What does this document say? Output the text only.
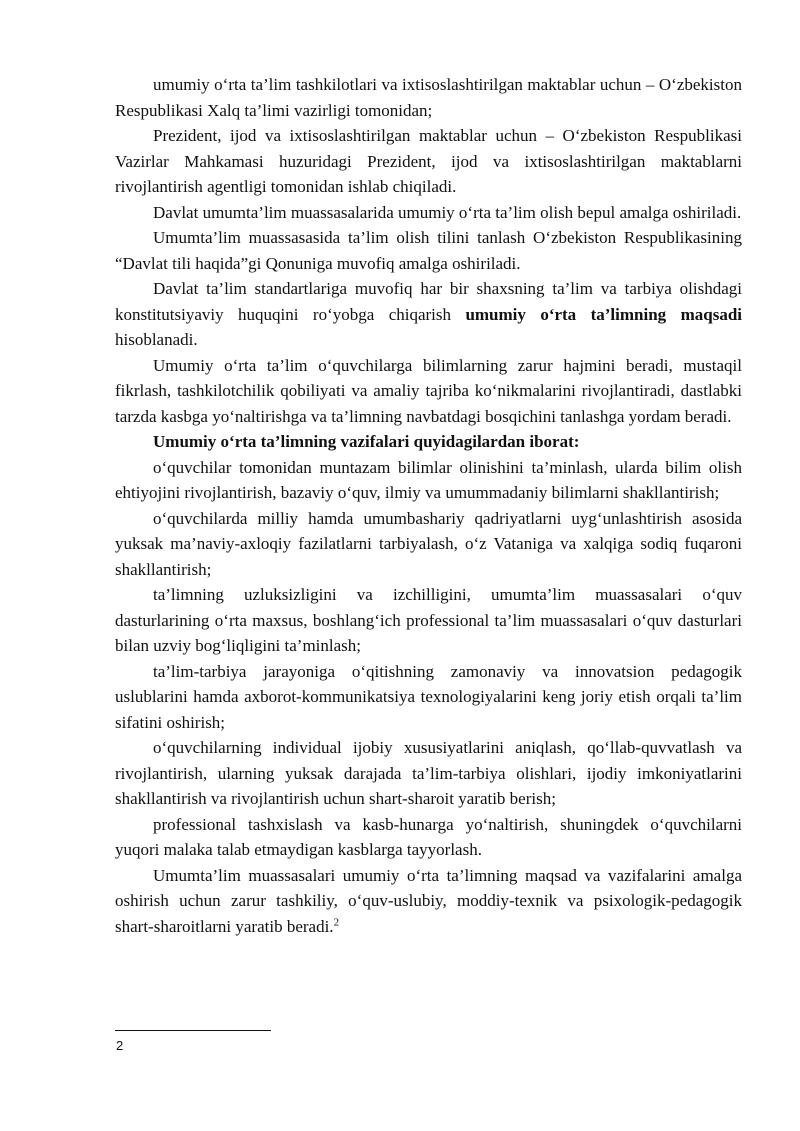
umumiy o‘rta ta’lim tashkilotlari va ixtisoslashtirilgan maktablar uchun – O‘zbekiston Respublikasi Xalq ta’limi vazirligi tomonidan;

Prezident, ijod va ixtisoslashtirilgan maktablar uchun – O‘zbekiston Respublikasi Vazirlar Mahkamasi huzuridagi Prezident, ijod va ixtisoslashtirilgan maktablarni rivojlantirish agentligi tomonidan ishlab chiqiladi.

Davlat umumta’lim muassasalarida umumiy o‘rta ta’lim olish bepul amalga oshiriladi.

Umumta’lim muassasasida ta’lim olish tilini tanlash O‘zbekiston Respublikasining “Davlat tili haqida”gi Qonuniga muvofiq amalga oshiriladi.

Davlat ta’lim standartlariga muvofiq har bir shaxsning ta’lim va tarbiya olishdagi konstitutsiyaviy huquqini ro‘yobga chiqarish umumiy o‘rta ta’limning maqsadi hisoblanadi.

Umumiy o‘rta ta’lim o‘quvchilarga bilimlarning zarur hajmini beradi, mustaqil fikrlash, tashkilotchilik qobiliyati va amaliy tajriba ko‘nikmalarini rivojlantiradi, dastlabki tarzda kasbga yo‘naltirishga va ta’limning navbatdagi bosqichini tanlashga yordam beradi.

Umumiy o‘rta ta’limning vazifalari quyidagilardan iborat:

o‘quvchilar tomonidan muntazam bilimlar olinishini ta’minlash, ularda bilim olish ehtiyojini rivojlantirish, bazaviy o‘quv, ilmiy va umummadaniy bilimlarni shakllantirish;

o‘quvchilarda milliy hamda umumbashariy qadriyatlarni uyg‘unlashtirish asosida yuksak ma’naviy-axloqiy fazilatlarni tarbiyalash, o‘z Vataniga va xalqiga sodiq fuqaroni shakllantirish;

ta’limning uzluksizligini va izchilligini, umumta’lim muassasalari o‘quv dasturlarining o‘rta maxsus, boshlang‘ich professional ta’lim muassasalari o‘quv dasturlari bilan uzviy bog‘liqligini ta’minlash;

ta’lim-tarbiya jarayoniga o‘qitishning zamonaviy va innovatsion pedagogik uslublarini hamda axborot-kommunikatsiya texnologiyalarini keng joriy etish orqali ta’lim sifatini oshirish;

o‘quvchilarning individual ijobiy xususiyatlarini aniqlash, qo‘llab-quvvatlash va rivojlantirish, ularning yuksak darajada ta’lim-tarbiya olishlari, ijodiy imkoniyatlarini shakllantirish va rivojlantirish uchun shart-sharoit yaratib berish;

professional tashxislash va kasb-hunarga yo‘naltirish, shuningdek o‘quvchilarni yuqori malaka talab etmaydigan kasblarga tayyorlash.

Umumta’lim muassasalari umumiy o‘rta ta’limning maqsad va vazifalarini amalga oshirish uchun zarur tashkiliy, o‘quv-uslubiy, moddiy-texnik va psixologik-pedagogik shart-sharoitlarni yaratib beradi.$^2$

2
